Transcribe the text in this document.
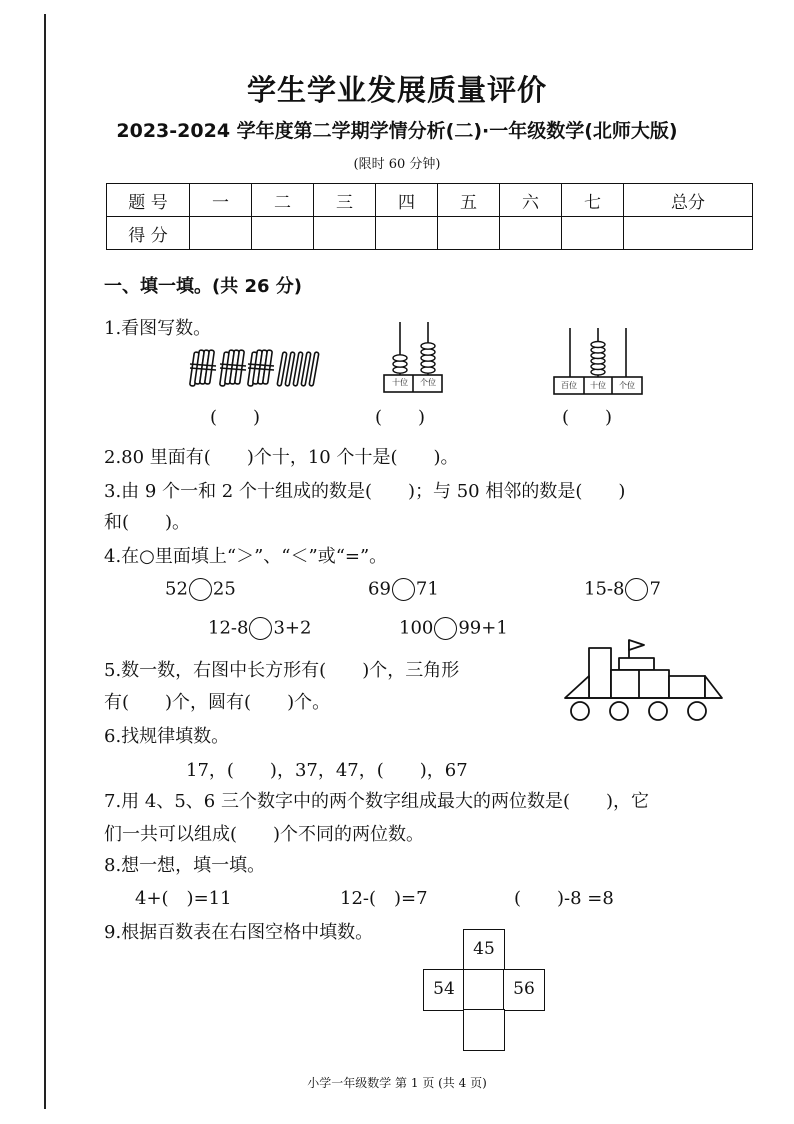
学生学业发展质量评价
2023-2024 学年度第二学期学情分析(二)·一年级数学(北师大版)
(限时 60 分钟)
题 号	一	二	三	四	五	六	七	总分
得 分								
一、填一填。(共 26 分)
1.看图写数。
十位	个位	百位	十位	个位
(　　)	(　　)	(　　)
2.80 里面有(　　)个十，10 个十是(　　)。
3.由 9 个一和 2 个十组成的数是(　　)；与 50 相邻的数是(　　)
和(　　)。
4.在○里面填上“＞”、“＜”或“=”。
52 25	69 71	15-8 7
12-8 3+2	100 99+1
5.数一数，右图中长方形有(　　)个，三角形
有(　　)个，圆有(　　)个。
6.找规律填数。
17，(　　)，37，47，(　　)，67
7.用 4、5、6 三个数字中的两个数字组成最大的两位数是(　　)，它
们一共可以组成(　　)个不同的两位数。
8.想一想，填一填。
4+(　)=11	12-(　)=7	(　　)-8 =8
9.根据百数表在右图空格中填数。
45
54	56
小学一年级数学 第 1 页 (共 4 页)
